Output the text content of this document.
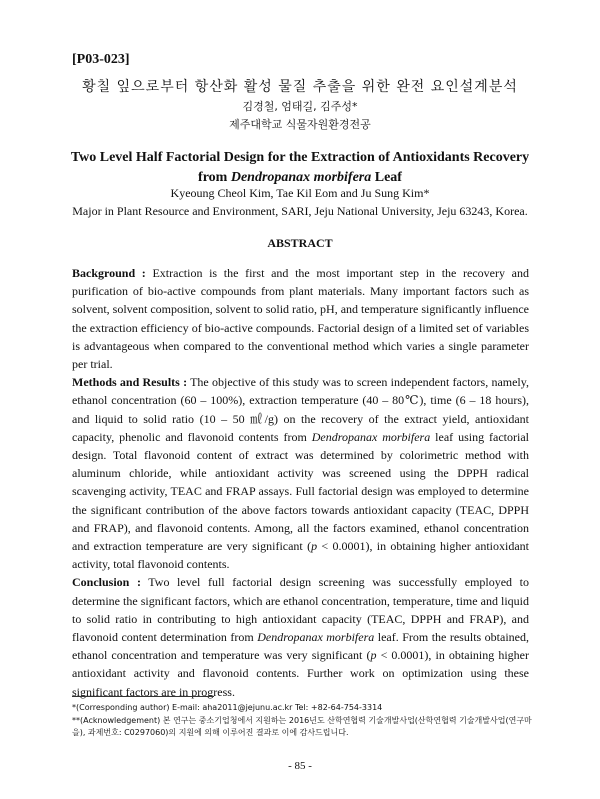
[P03-023]
황칠 잎으로부터 항산화 활성 물질 추출을 위한 완전 요인설계분석
김경철, 엄태길, 김주성*
제주대학교 식물자원환경전공
Two Level Half Factorial Design for the Extraction of Antioxidants Recovery
from Dendropanax morbifera Leaf
Kyeoung Cheol Kim, Tae Kil Eom and Ju Sung Kim*
Major in Plant Resource and Environment, SARI, Jeju National University, Jeju 63243, Korea.
ABSTRACT

Background : Extraction is the first and the most important step in the recovery and purification of bio-active compounds from plant materials. Many important factors such as solvent, solvent composition, solvent to solid ratio, pH, and temperature significantly influence the extraction efficiency of bio-active compounds. Factorial design of a limited set of variables is advantageous when compared to the conventional method which varies a single parameter per trial.

Methods and Results : The objective of this study was to screen independent factors, namely, ethanol concentration (60 – 100%), extraction temperature (40 – 80℃), time (6 – 18 hours), and liquid to solid ratio (10 – 50 ㎖/g) on the recovery of the extract yield, antioxidant capacity, phenolic and flavonoid contents from Dendropanax morbifera leaf using factorial design. Total flavonoid content of extract was determined by colorimetric method with aluminum chloride, while antioxidant activity was screened using the DPPH radical scavenging activity, TEAC and FRAP assays. Full factorial design was employed to determine the significant contribution of the above factors towards antioxidant capacity (TEAC, DPPH and FRAP), and flavonoid contents. Among, all the factors examined, ethanol concentration and extraction temperature are very significant (p < 0.0001), in obtaining higher antioxidant activity, total flavonoid contents.

Conclusion : Two level full factorial design screening was successfully employed to determine the significant factors, which are ethanol concentration, temperature, time and liquid to solid ratio in contributing to high antioxidant capacity (TEAC, DPPH and FRAP), and flavonoid content determination from Dendropanax morbifera leaf. From the results obtained, ethanol concentration and temperature was very significant (p < 0.0001), in obtaining higher antioxidant activity and flavonoid contents. Further work on optimization using these significant factors are in progress.

*(Corresponding author) E-mail: aha2011@jejunu.ac.kr Tel: +82-64-754-3314
**(Acknowledgement) 본 연구는 중소기업청에서 지원하는 2016년도 산학연협력 기술개발사업(산학연협력 기술개발사업(연구마을), 과제번호: C0297060)의 지원에 의해 이루어진 결과로 이에 감사드립니다.
- 85 -
